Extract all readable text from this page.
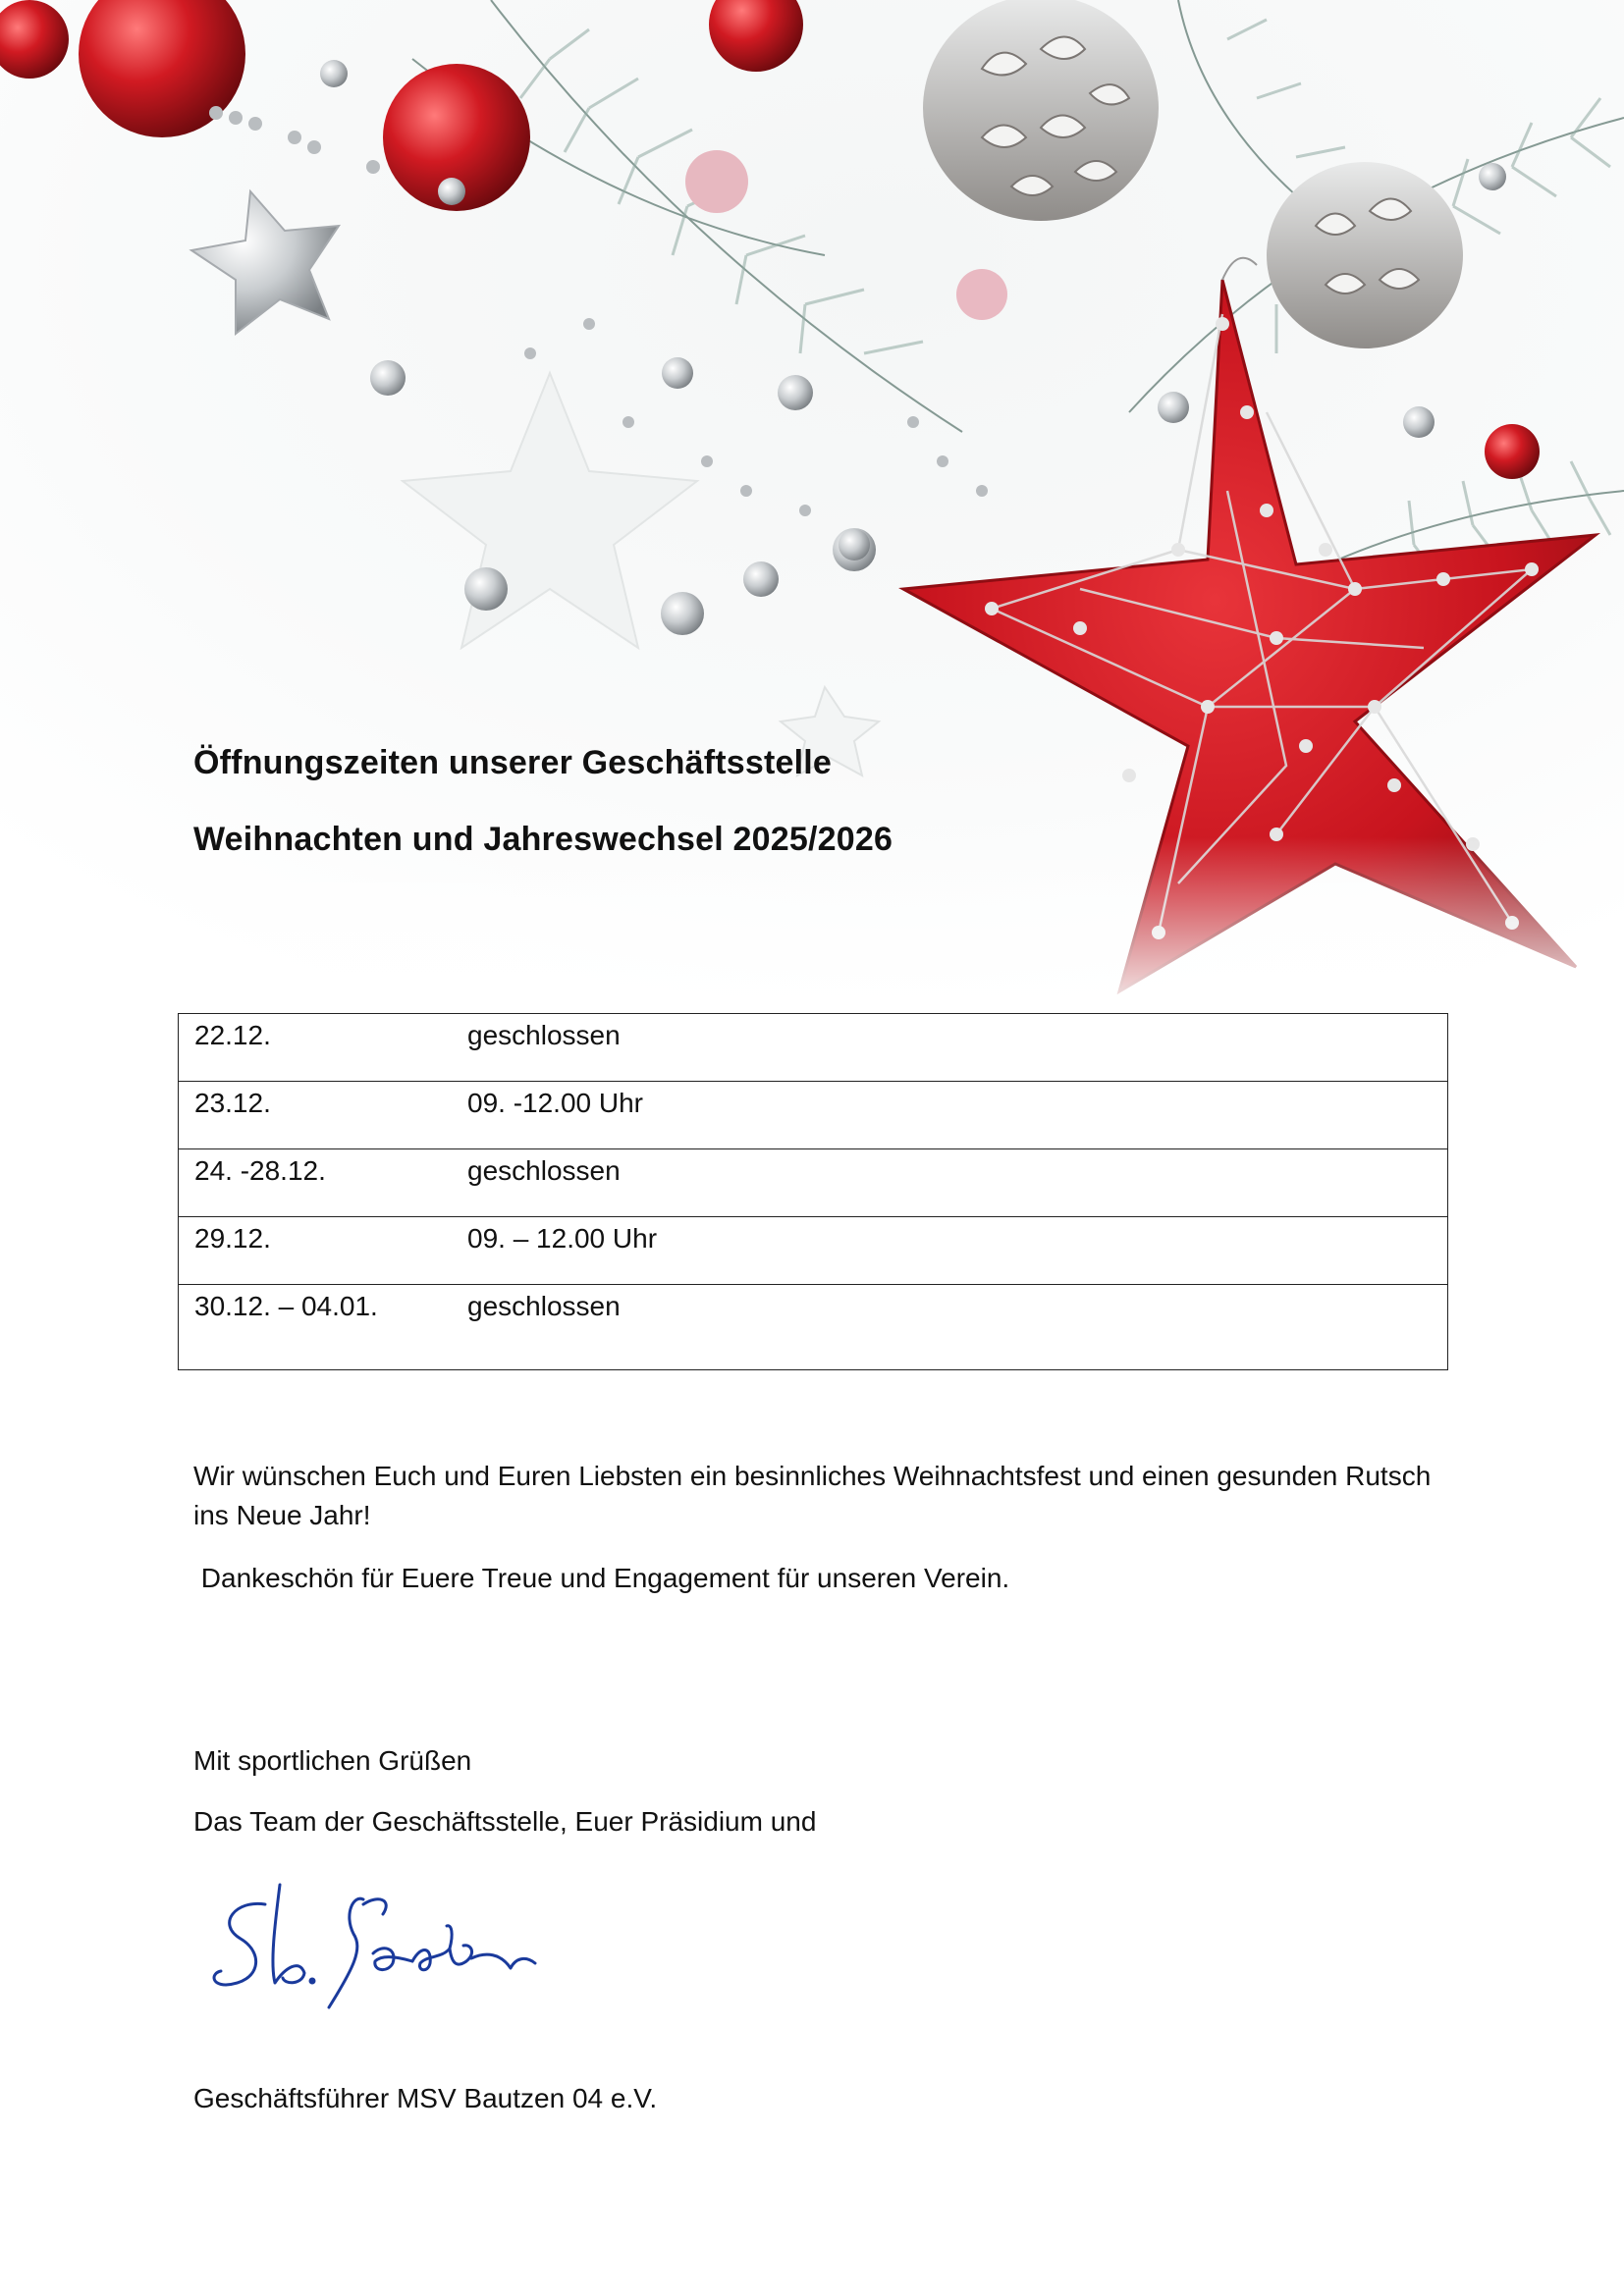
Öffnungszeiten unserer Geschäftsstelle
Weihnachten und Jahreswechsel 2025/2026
22.12.	geschlossen
23.12.	09. -12.00 Uhr
24. -28.12.	geschlossen
29.12.	09. – 12.00 Uhr
30.12. – 04.01.	geschlossen

Wir wünschen Euch und Euren Liebsten ein besinnliches Weihnachtsfest und einen gesunden Rutsch ins Neue Jahr!

Dankeschön für Euere Treue und Engagement für unseren Verein.

Mit sportlichen Grüßen

Das Team der Geschäftsstelle, Euer Präsidium und

Geschäftsführer MSV Bautzen 04 e.V.
